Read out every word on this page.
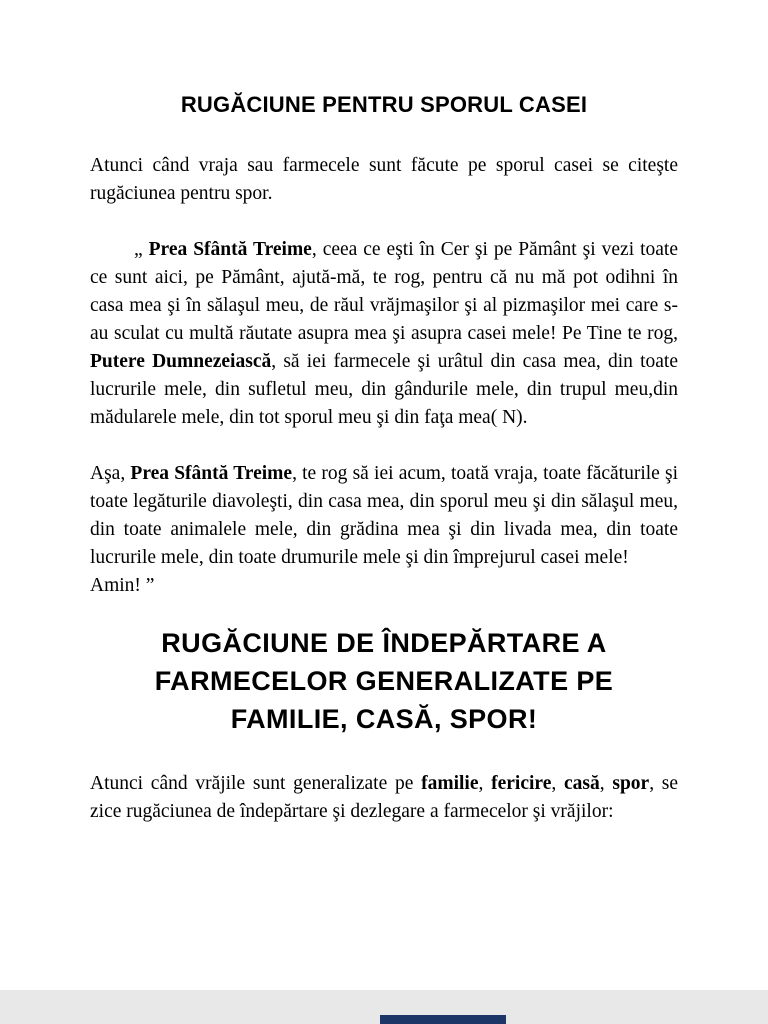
RUGĂCIUNE PENTRU SPORUL CASEI

Atunci când vraja sau farmecele sunt făcute pe sporul casei se citeşte rugăciunea pentru spor.

„ Prea Sfântă Treime, ceea ce eşti în Cer şi pe Pământ şi vezi toate ce sunt aici, pe Pământ, ajută-mă, te rog, pentru că nu mă pot odihni în casa mea şi în sălaşul meu, de răul vrăjmaşilor şi al pizmaşilor mei care s-au sculat cu multă răutate asupra mea şi asupra casei mele! Pe Tine te rog, Putere Dumnezeiască, să iei farmecele şi urâtul din casa mea, din toate lucrurile mele, din sufletul meu, din gândurile mele, din trupul meu,din mădularele mele, din tot sporul meu şi din faţa mea( N).

Aşa, Prea Sfântă Treime, te rog să iei acum, toată vraja, toate făcăturile şi toate legăturile diavoleşti, din casa mea, din sporul meu şi din sălaşul meu, din toate animalele mele, din grădina mea şi din livada mea, din toate lucrurile mele, din toate drumurile mele şi din împrejurul casei mele!

Amin! ”

RUGĂCIUNE DE ÎNDEPĂRTARE A
FARMECELOR GENERALIZATE PE
FAMILIE, CASĂ, SPOR!

Atunci când vrăjile sunt generalizate pe familie, fericire, casă, spor, se zice rugăciunea de îndepărtare şi dezlegare a farmecelor şi vrăjilor:
